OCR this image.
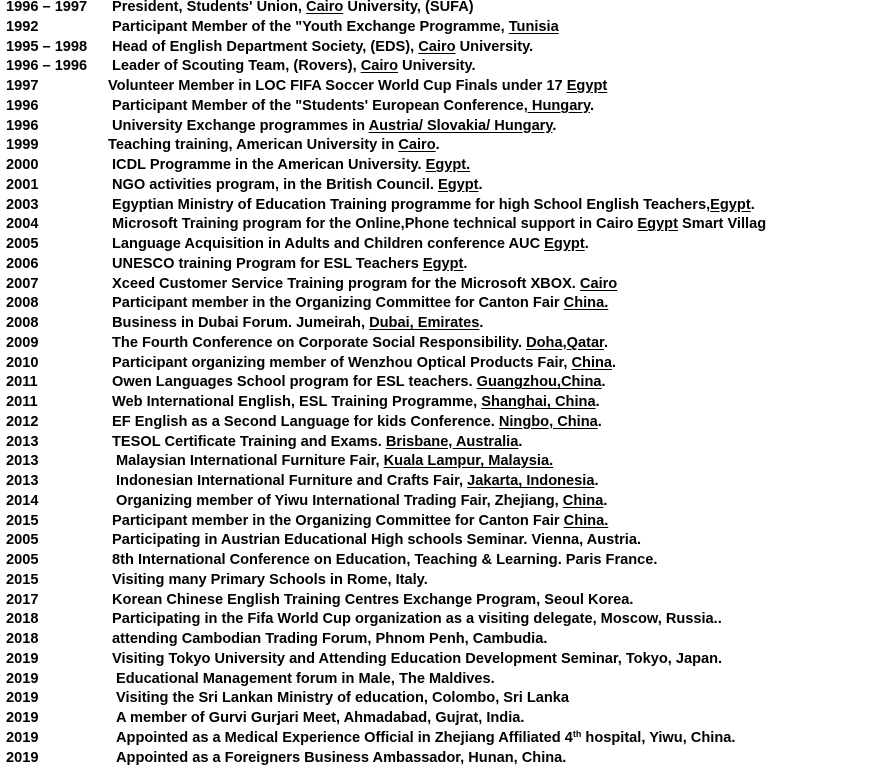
1996 – 1997 President, Students' Union, Cairo University, (SUFA)
1992	Participant Member of the "Youth Exchange Programme, Tunisia
1995 – 1998 Head of English Department Society, (EDS), Cairo University.
1996 – 1996 Leader of Scouting Team, (Rovers), Cairo University.
1997	Volunteer Member in LOC FIFA Soccer World Cup Finals under 17 Egypt
1996	Participant Member of the "Students' European Conference, Hungary.
1996	University Exchange programmes in Austria/ Slovakia/ Hungary.
1999	Teaching training, American University in Cairo.
2000	ICDL Programme in the American University. Egypt.
2001	NGO activities program, in the British Council. Egypt.
2003	Egyptian Ministry of Education Training programme for high School English Teachers,Egypt.
2004	Microsoft Training program for the Online,Phone technical support in Cairo Egypt Smart Villag
2005	Language Acquisition in Adults and Children conference AUC Egypt.
2006	UNESCO training Program for ESL Teachers Egypt.
2007	Xceed Customer Service Training program for the Microsoft XBOX. Cairo
2008	Participant member in the Organizing Committee for Canton Fair China.
2008	Business in Dubai Forum. Jumeirah, Dubai, Emirates.
2009	The Fourth Conference on Corporate Social Responsibility. Doha,Qatar.
2010	Participant organizing member of Wenzhou Optical Products Fair, China.
2011	Owen Languages School program for ESL teachers. Guangzhou,China.
2011	Web International English, ESL Training Programme, Shanghai, China.
2012	EF English as a Second Language for kids Conference. Ningbo, China.
2013	TESOL Certificate Training and Exams. Brisbane, Australia.
2013	Malaysian International Furniture Fair, Kuala Lampur, Malaysia.
2013	Indonesian International Furniture and Crafts Fair, Jakarta, Indonesia.
2014	Organizing member of Yiwu International Trading Fair, Zhejiang, China.
2015	Participant member in the Organizing Committee for Canton Fair China.
2005	Participating in Austrian Educational High schools Seminar. Vienna, Austria.
2005	8th International Conference on Education, Teaching & Learning. Paris France.
2015	Visiting many Primary Schools in Rome, Italy.
2017	Korean Chinese English Training Centres Exchange Program, Seoul Korea.
2018	Participating in the Fifa World Cup organization as a visiting delegate, Moscow, Russia..
2018	attending Cambodian Trading Forum, Phnom Penh, Cambudia.
2019	Visiting Tokyo University and Attending Education Development Seminar, Tokyo, Japan.
2019	Educational Management forum in Male, The Maldives.
2019	Visiting the Sri Lankan Ministry of education, Colombo, Sri Lanka
2019	A member of Gurvi Gurjari Meet, Ahmadabad, Gujrat, India.
2019	Appointed as a Medical Experience Official in Zhejiang Affiliated 4th hospital, Yiwu, China.
2019	Appointed as a Foreigners Business Ambassador, Hunan, China.
